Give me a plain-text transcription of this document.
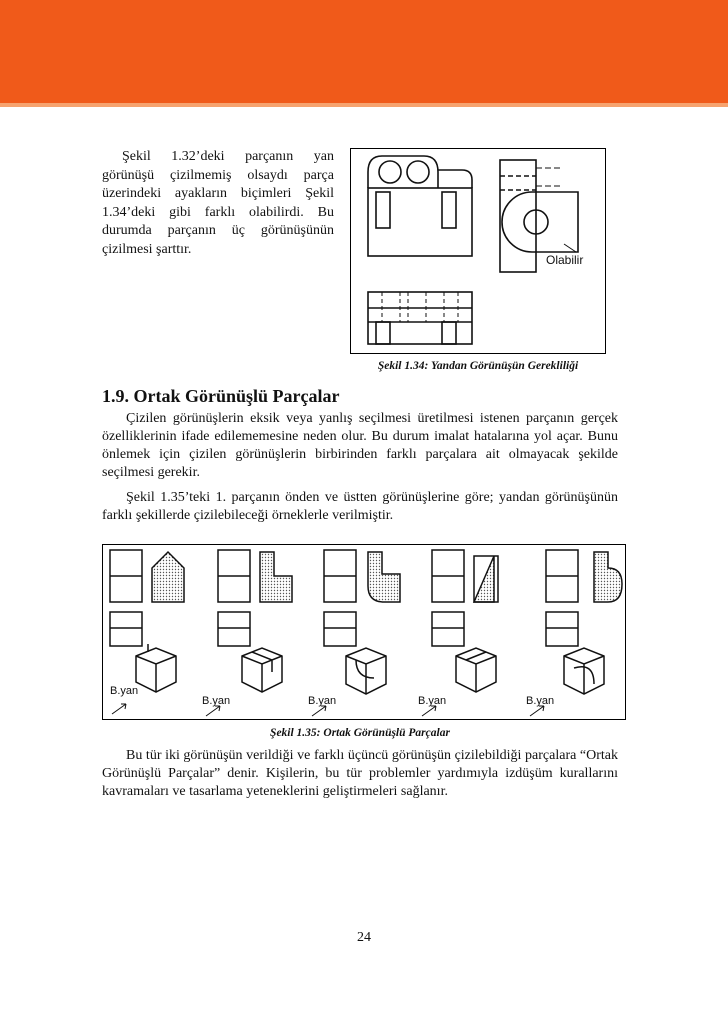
Şekil 1.32’deki parçanın yan görünüşü çizilmemiş olsaydı parça üzerindeki ayakların biçimleri Şekil 1.34’deki gibi farklı olabilirdi. Bu durumda parçanın üç görünüşünün çizilmesi şarttır.

Olabilir

Şekil 1.34: Yandan Görünüşün Gerekliliği

1.9. Ortak Görünüşlü Parçalar

Çizilen görünüşlerin eksik veya yanlış seçilmesi üretilmesi istenen parçanın gerçek özelliklerinin ifade edilememesine neden olur. Bu durum imalat hatalarına yol açar. Bunu önlemek için çizilen görünüşlerin birbirinden farklı parçalara ait olmayacak şekilde seçilmesi gerekir.

Şekil 1.35’teki 1. parçanın önden ve üstten görünüşlerine göre; yandan görünüşünün farklı şekillerde çizilebileceği örneklerle verilmiştir.

B.yan
B.yan	B.yan	B.yan	B.yan

Şekil 1.35: Ortak Görünüşlü Parçalar

Bu tür iki görünüşün verildiği ve farklı üçüncü görünüşün çizilebildiği parçalara “Ortak Görünüşlü Parçalar” denir. Kişilerin, bu tür problemler yardımıyla izdüşüm kurallarını kavramaları ve tasarlama yeteneklerini geliştirmeleri sağlanır.

24
